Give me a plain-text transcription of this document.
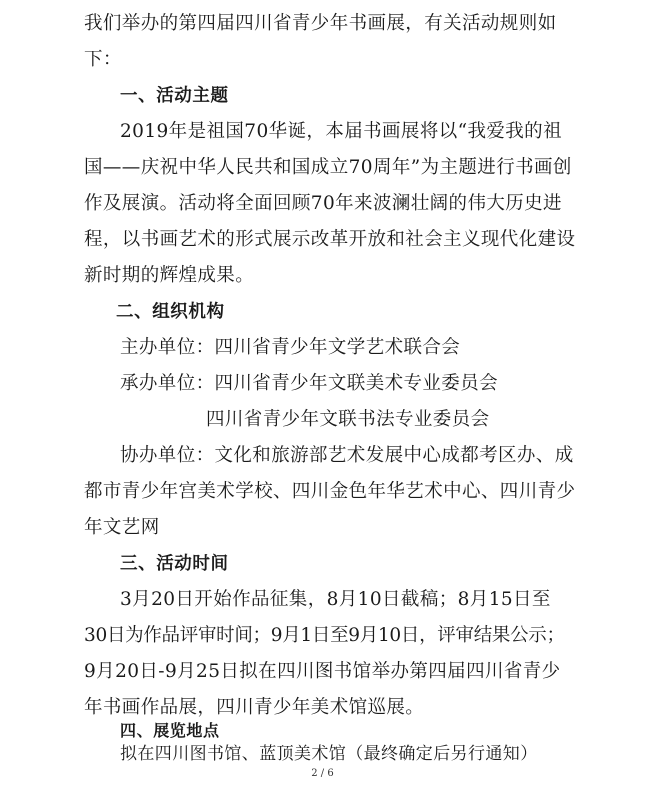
我们举办的第四届四川省青少年书画展，有关活动规则如
下：
一、活动主题
2019年是祖国70华诞，本届书画展将以“我爱我的祖
国——庆祝中华人民共和国成立70周年”为主题进行书画创
作及展演。活动将全面回顾70年来波澜壮阔的伟大历史进
程，以书画艺术的形式展示改革开放和社会主义现代化建设
新时期的辉煌成果。
二、组织机构
主办单位：四川省青少年文学艺术联合会
承办单位：四川省青少年文联美术专业委员会
四川省青少年文联书法专业委员会
协办单位：文化和旅游部艺术发展中心成都考区办、成
都市青少年宫美术学校、四川金色年华艺术中心、四川青少
年文艺网
三、活动时间
3月20日开始作品征集，8月10日截稿；8月15日至
30日为作品评审时间；9月1日至9月10日，评审结果公示；
9月20日-9月25日拟在四川图书馆举办第四届四川省青少
年书画作品展，四川青少年美术馆巡展。
2 / 6
四、展览地点
拟在四川图书馆、蓝顶美术馆（最终确定后另行通知）
